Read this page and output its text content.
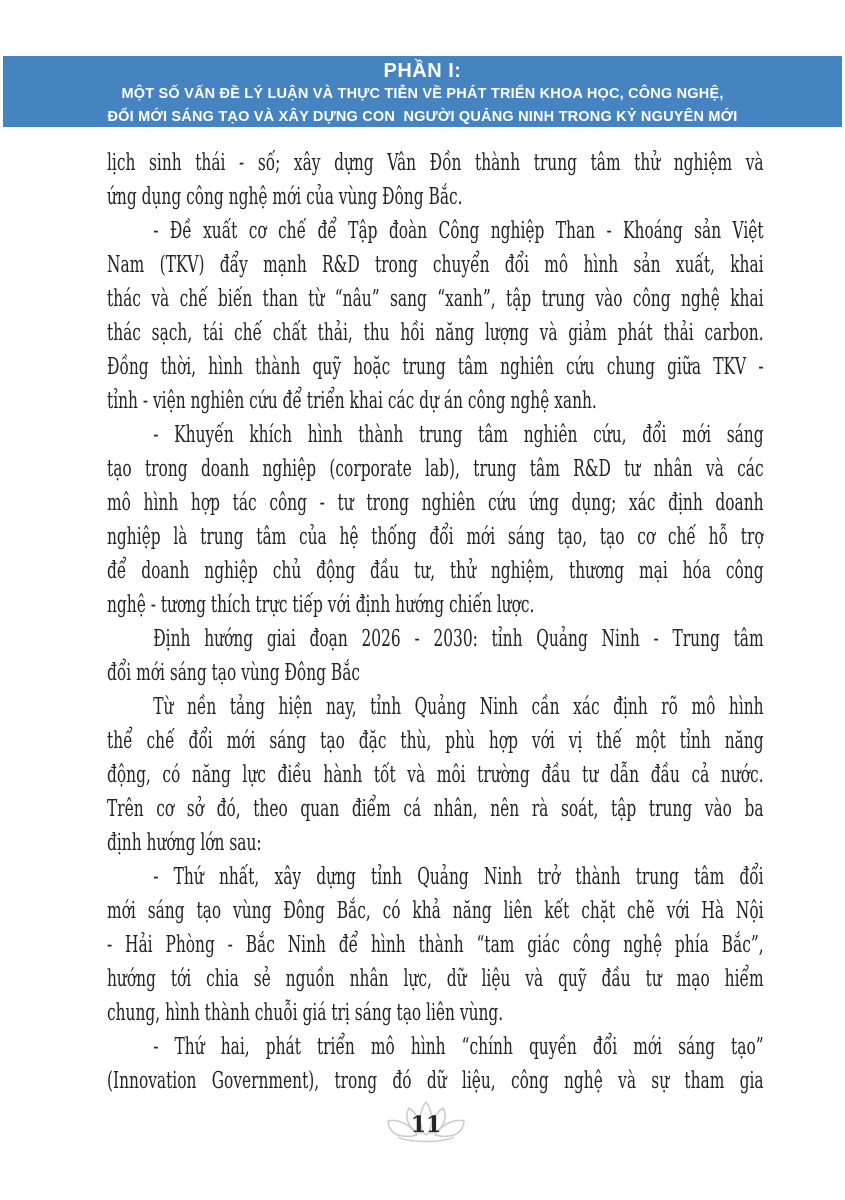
PHẦN I:
MỘT SỐ VẤN ĐỀ LÝ LUẬN VÀ THỰC TIỄN VỀ PHÁT TRIỂN KHOA HỌC, CÔNG NGHỆ,
ĐỔI MỚI SÁNG TẠO VÀ XÂY DỰNG CON  NGƯỜI QUẢNG NINH TRONG KỶ NGUYÊN MỚI
lịch sinh thái - số; xây dựng Vân Đồn thành trung tâm thử nghiệm và
ứng dụng công nghệ mới của vùng Đông Bắc.
- Đề xuất cơ chế để Tập đoàn Công nghiệp Than - Khoáng sản Việt
Nam (TKV) đẩy mạnh R&D trong chuyển đổi mô hình sản xuất, khai
thác và chế biến than từ “nâu” sang “xanh”, tập trung vào công nghệ khai
thác sạch, tái chế chất thải, thu hồi năng lượng và giảm phát thải carbon.
Đồng thời, hình thành quỹ hoặc trung tâm nghiên cứu chung giữa TKV -
tỉnh - viện nghiên cứu để triển khai các dự án công nghệ xanh.
- Khuyến khích hình thành trung tâm nghiên cứu, đổi mới sáng
tạo trong doanh nghiệp (corporate lab), trung tâm R&D tư nhân và các
mô hình hợp tác công - tư trong nghiên cứu ứng dụng; xác định doanh
nghiệp là trung tâm của hệ thống đổi mới sáng tạo, tạo cơ chế hỗ trợ
để doanh nghiệp chủ động đầu tư, thử nghiệm, thương mại hóa công
nghệ - tương thích trực tiếp với định hướng chiến lược.
Định hướng giai đoạn 2026 - 2030: tỉnh Quảng Ninh - Trung tâm
đổi mới sáng tạo vùng Đông Bắc
Từ nền tảng hiện nay, tỉnh Quảng Ninh cần xác định rõ mô hình
thể chế đổi mới sáng tạo đặc thù, phù hợp với vị thế một tỉnh năng
động, có năng lực điều hành tốt và môi trường đầu tư dẫn đầu cả nước.
Trên cơ sở đó, theo quan điểm cá nhân, nên rà soát, tập trung vào ba
định hướng lớn sau:
- Thứ nhất, xây dựng tỉnh Quảng Ninh trở thành trung tâm đổi
mới sáng tạo vùng Đông Bắc, có khả năng liên kết chặt chẽ với Hà Nội
- Hải Phòng - Bắc Ninh để hình thành “tam giác công nghệ phía Bắc”,
hướng tới chia sẻ nguồn nhân lực, dữ liệu và quỹ đầu tư mạo hiểm
chung, hình thành chuỗi giá trị sáng tạo liên vùng.
- Thứ hai, phát triển mô hình “chính quyền đổi mới sáng tạo”
(Innovation Government), trong đó dữ liệu, công nghệ và sự tham gia
11
